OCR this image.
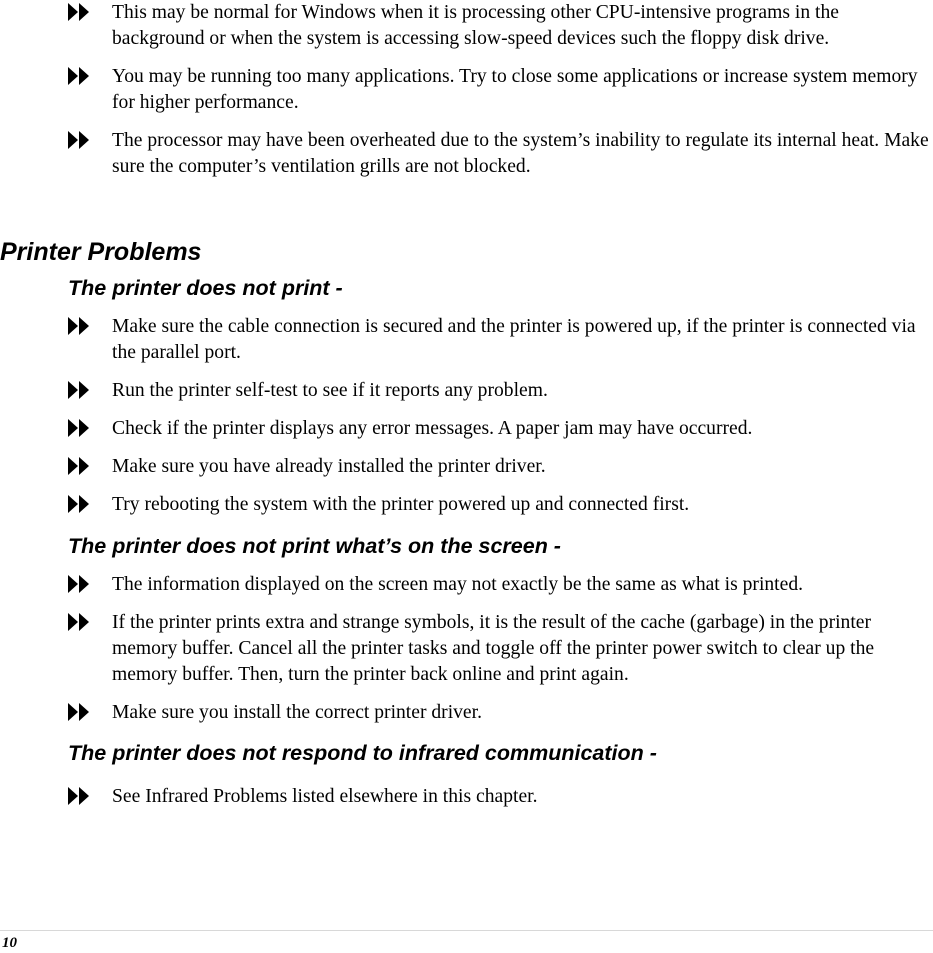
This may be normal for Windows when it is processing other CPU-intensive programs in the background or when the system is accessing slow-speed devices such the floppy disk drive.
You may be running too many applications. Try to close some applications or increase system memory for higher performance.
The processor may have been overheated due to the system’s inability to regulate its internal heat. Make sure the computer’s ventilation grills are not blocked.
Printer Problems
The printer does not print -
Make sure the cable connection is secured and the printer is powered up, if the printer is connected via the parallel port.
Run the printer self-test to see if it reports any problem.
Check if the printer displays any error messages. A paper jam may have occurred.
Make sure you have already installed the printer driver.
Try rebooting the system with the printer powered up and connected first.
The printer does not print what’s on the screen -
The information displayed on the screen may not exactly be the same as what is printed.
If the printer prints extra and strange symbols, it is the result of the cache (garbage) in the printer memory buffer. Cancel all the printer tasks and toggle off the printer power switch to clear up the memory buffer. Then, turn the printer back online and print again.
Make sure you install the correct printer driver.
The printer does not respond to infrared communication -
See Infrared Problems listed elsewhere in this chapter.
10
